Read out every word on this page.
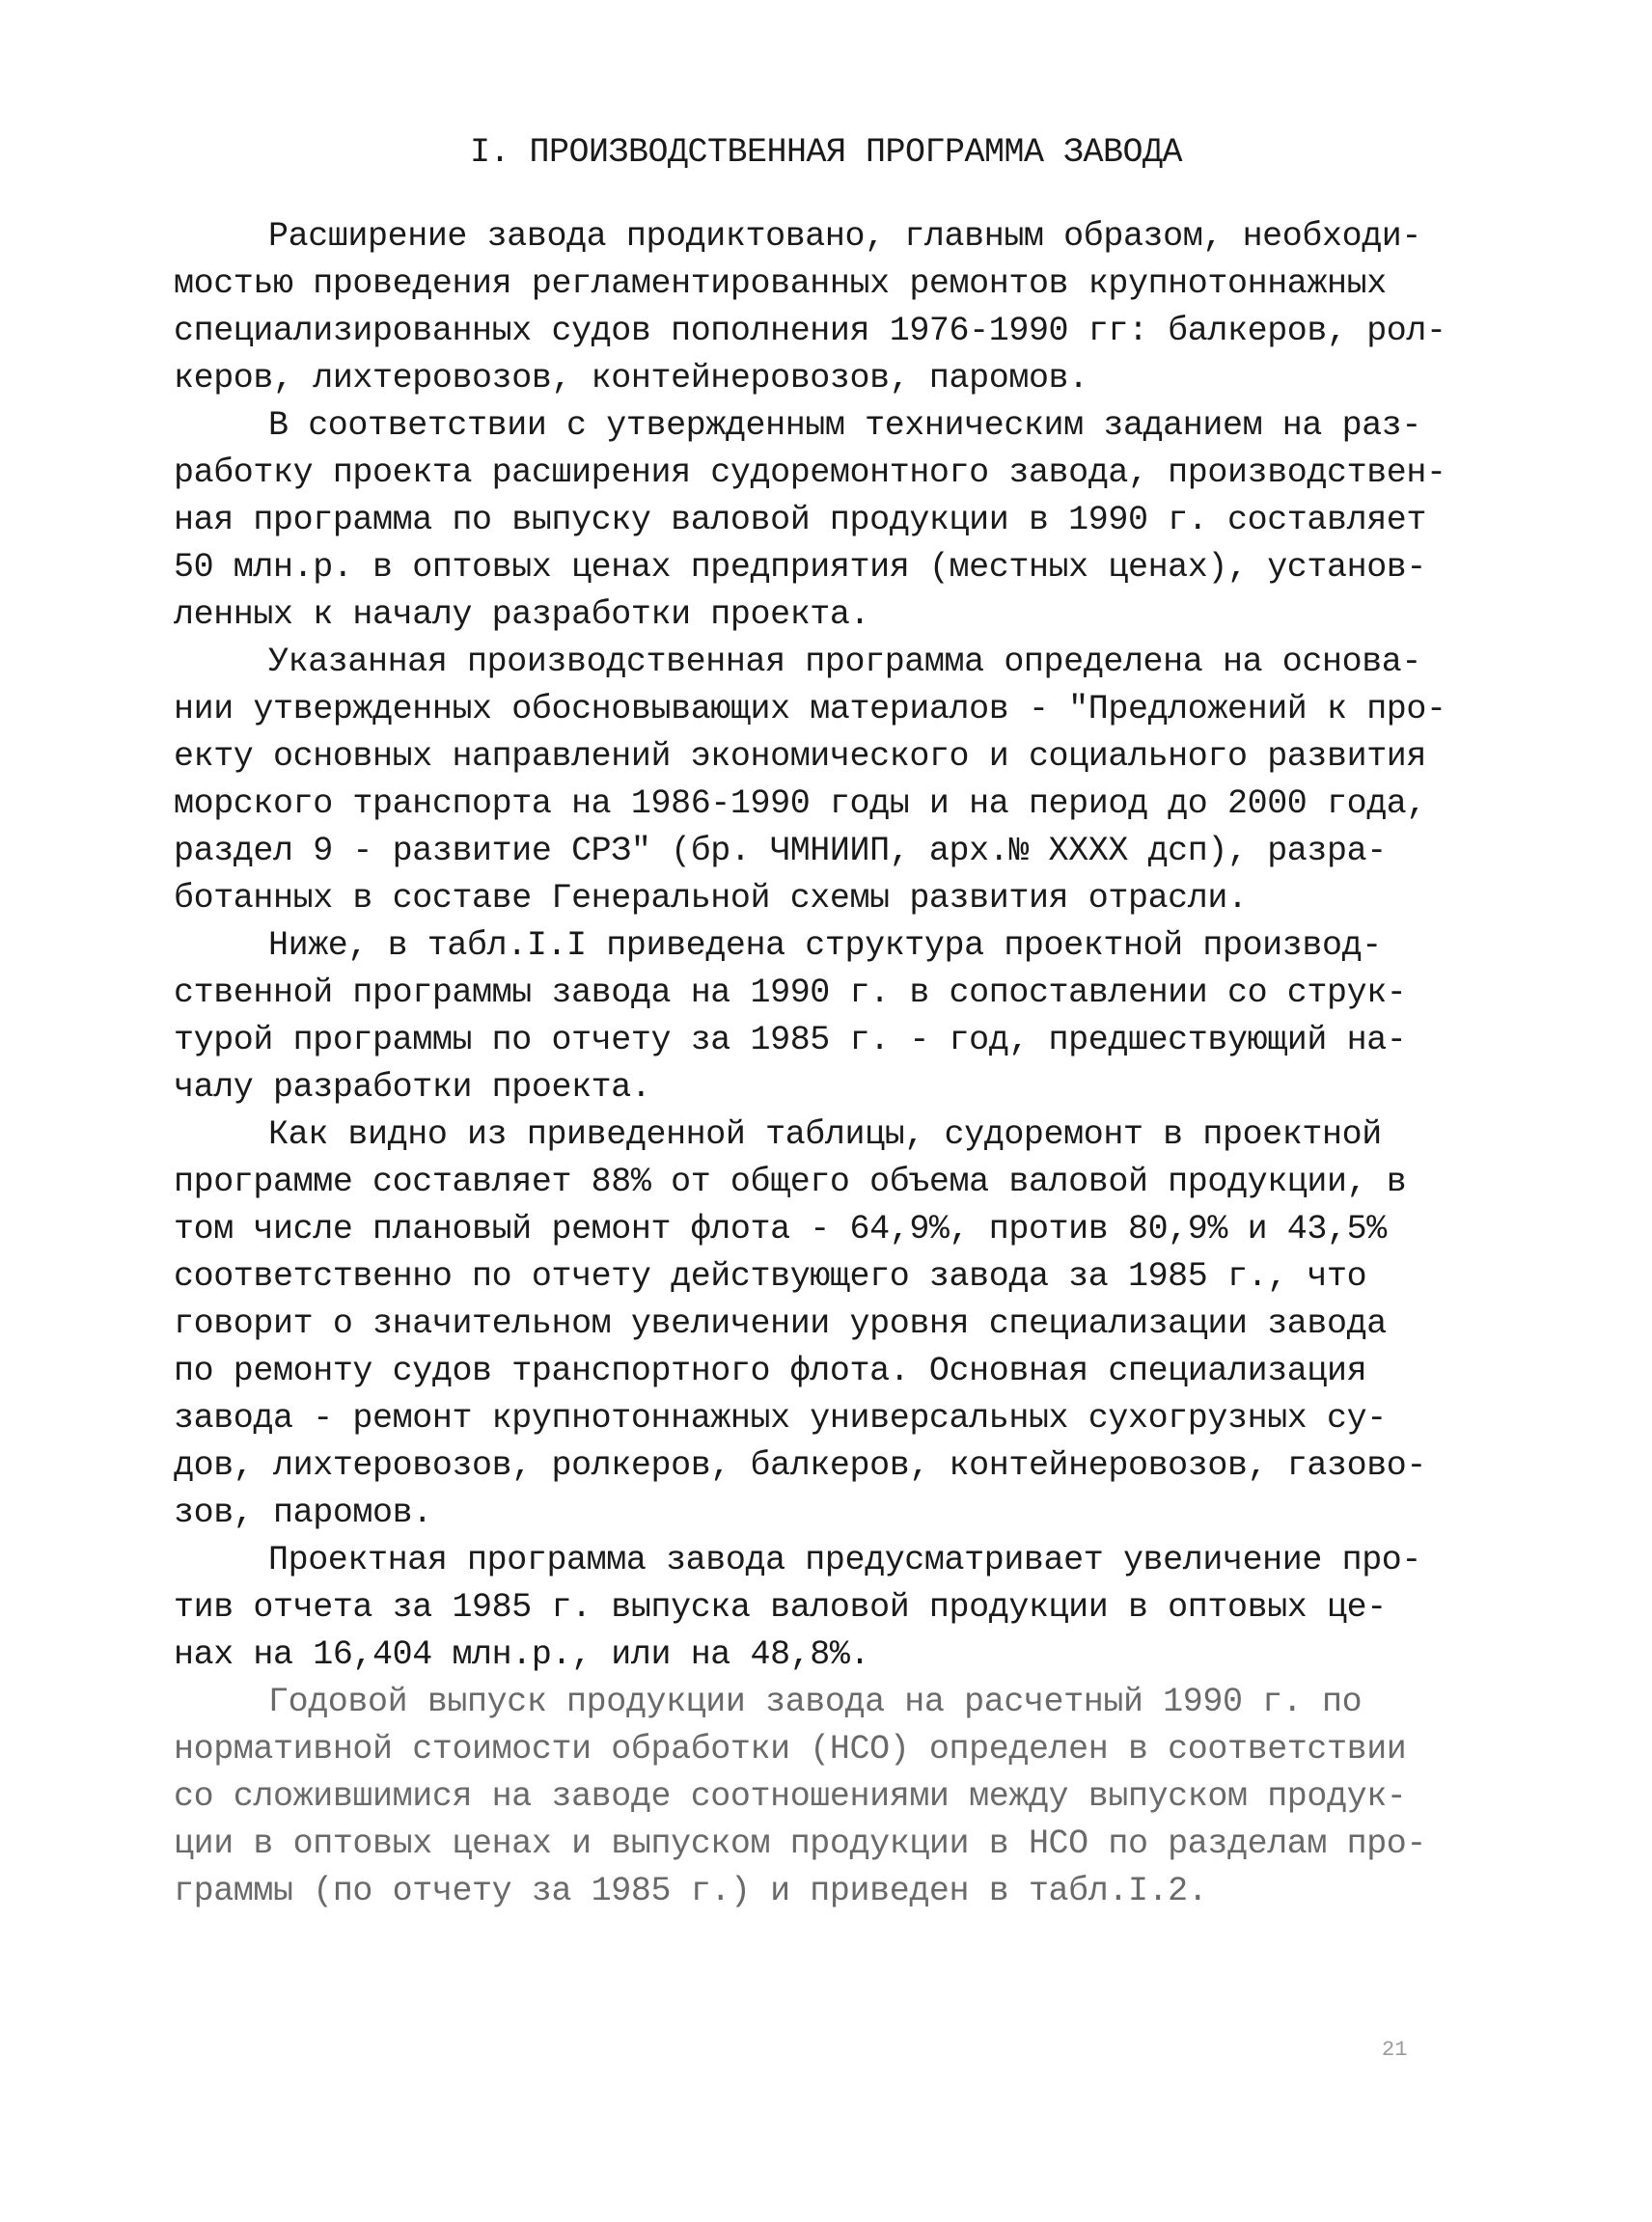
I. ПРОИЗВОДСТВЕННАЯ ПРОГРАММА ЗАВОДА
Расширение завода продиктовано, главным образом, необходи-
мостью проведения регламентированных ремонтов крупнотоннажных
специализированных судов пополнения 1976-1990 гг: балкеров, рол-
керов, лихтеровозов, контейнеровозов, паромов.
В соответствии с утвержденным техническим заданием на раз-
работку проекта расширения судоремонтного завода, производствен-
ная программа по выпуску валовой продукции в 1990 г. составляет
50 млн.р. в оптовых ценах предприятия (местных ценах), установ-
ленных к началу разработки проекта.
Указанная производственная программа определена на основа-
нии утвержденных обосновывающих материалов - "Предложений к про-
екту основных направлений экономического и социального развития
морского транспорта на 1986-1990 годы и на период до 2000 года,
раздел 9 - развитие СРЗ" (бр. ЧМНИИП, арх.№ XXXX дсп), разра-
ботанных в составе Генеральной схемы развития отрасли.
Ниже, в табл.I.I приведена структура проектной производ-
ственной программы завода на 1990 г. в сопоставлении со струк-
турой программы по отчету за 1985 г. - год, предшествующий на-
чалу разработки проекта.
Как видно из приведенной таблицы, судоремонт в проектной
программе составляет 88% от общего объема валовой продукции, в
том числе плановый ремонт флота - 64,9%, против 80,9% и 43,5%
соответственно по отчету действующего завода за 1985 г., что
говорит о значительном увеличении уровня специализации завода
по ремонту судов транспортного флота. Основная специализация
завода - ремонт крупнотоннажных универсальных сухогрузных су-
дов, лихтеровозов, ролкеров, балкеров, контейнеровозов, газово-
зов, паромов.
Проектная программа завода предусматривает увеличение про-
тив отчета за 1985 г. выпуска валовой продукции в оптовых це-
нах на 16,404 млн.р., или на 48,8%.
Годовой выпуск продукции завода на расчетный 1990 г. по
нормативной стоимости обработки (НСО) определен в соответствии
со сложившимися на заводе соотношениями между выпуском продук-
ции в оптовых ценах и выпуском продукции в НСО по разделам про-
граммы (по отчету за 1985 г.) и приведен в табл.I.2.
21
